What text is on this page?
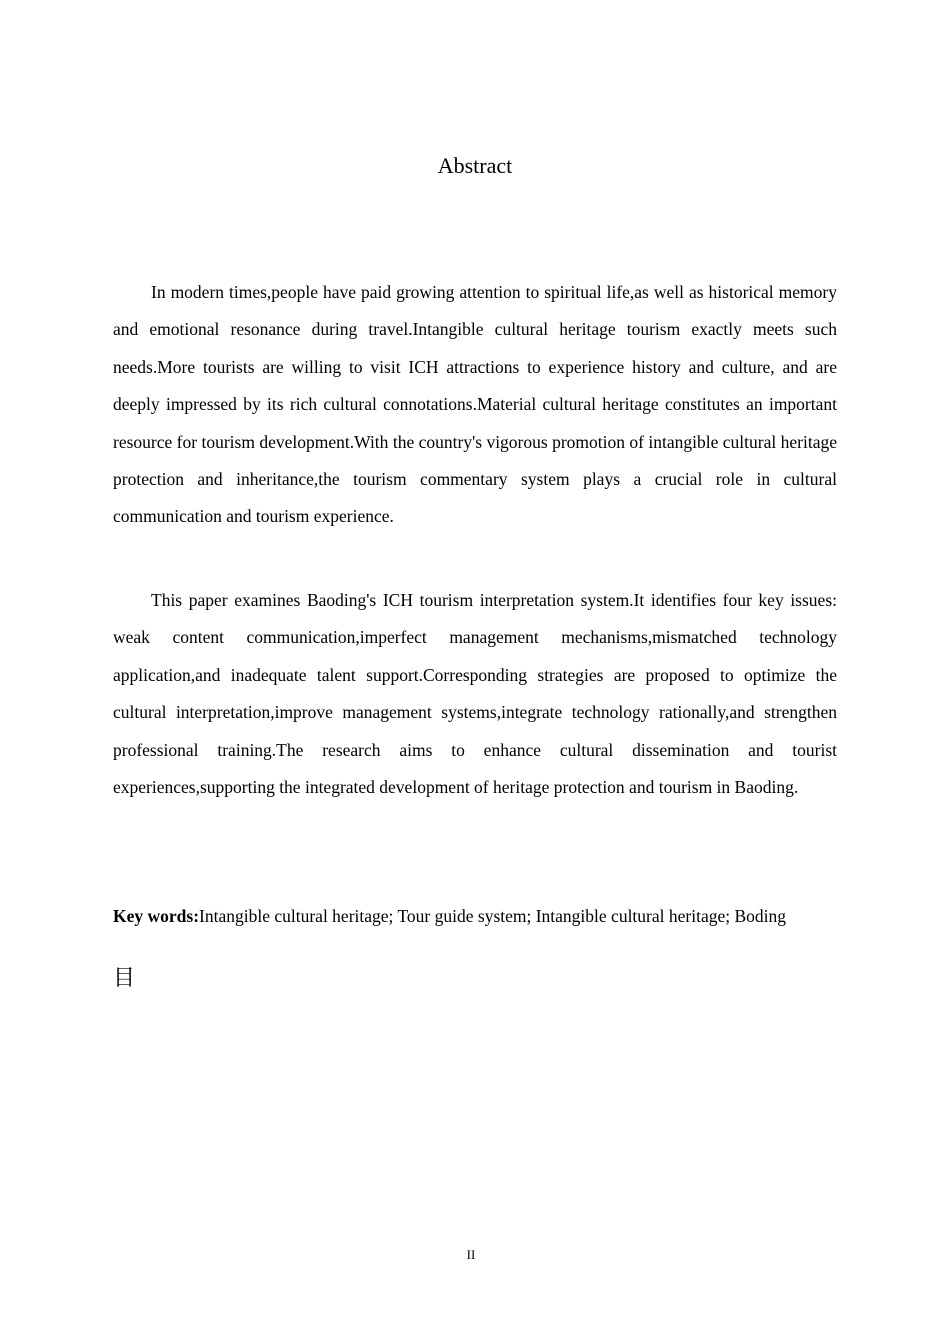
Abstract

In modern times,people have paid growing attention to spiritual life,as well as historical memory and emotional resonance during travel.Intangible cultural heritage tourism exactly meets such needs.More tourists are willing to visit ICH attractions to experience history and culture, and are deeply impressed by its rich cultural connotations.Material cultural heritage constitutes an important resource for tourism development.With the country's vigorous promotion of intangible cultural heritage protection and inheritance,the tourism commentary system plays a crucial role in cultural communication and tourism experience.

This paper examines Baoding's ICH tourism interpretation system.It identifies four key issues: weak content communication,imperfect management mechanisms,mismatched technology application,and inadequate talent support.Corresponding strategies are proposed to optimize the cultural interpretation,improve management systems,integrate technology rationally,and strengthen professional training.The research aims to enhance cultural dissemination and tourist experiences,supporting the integrated development of heritage protection and tourism in Baoding.

Key words:Intangible cultural heritage; Tour guide system; Intangible cultural heritage; Boding
目
II
